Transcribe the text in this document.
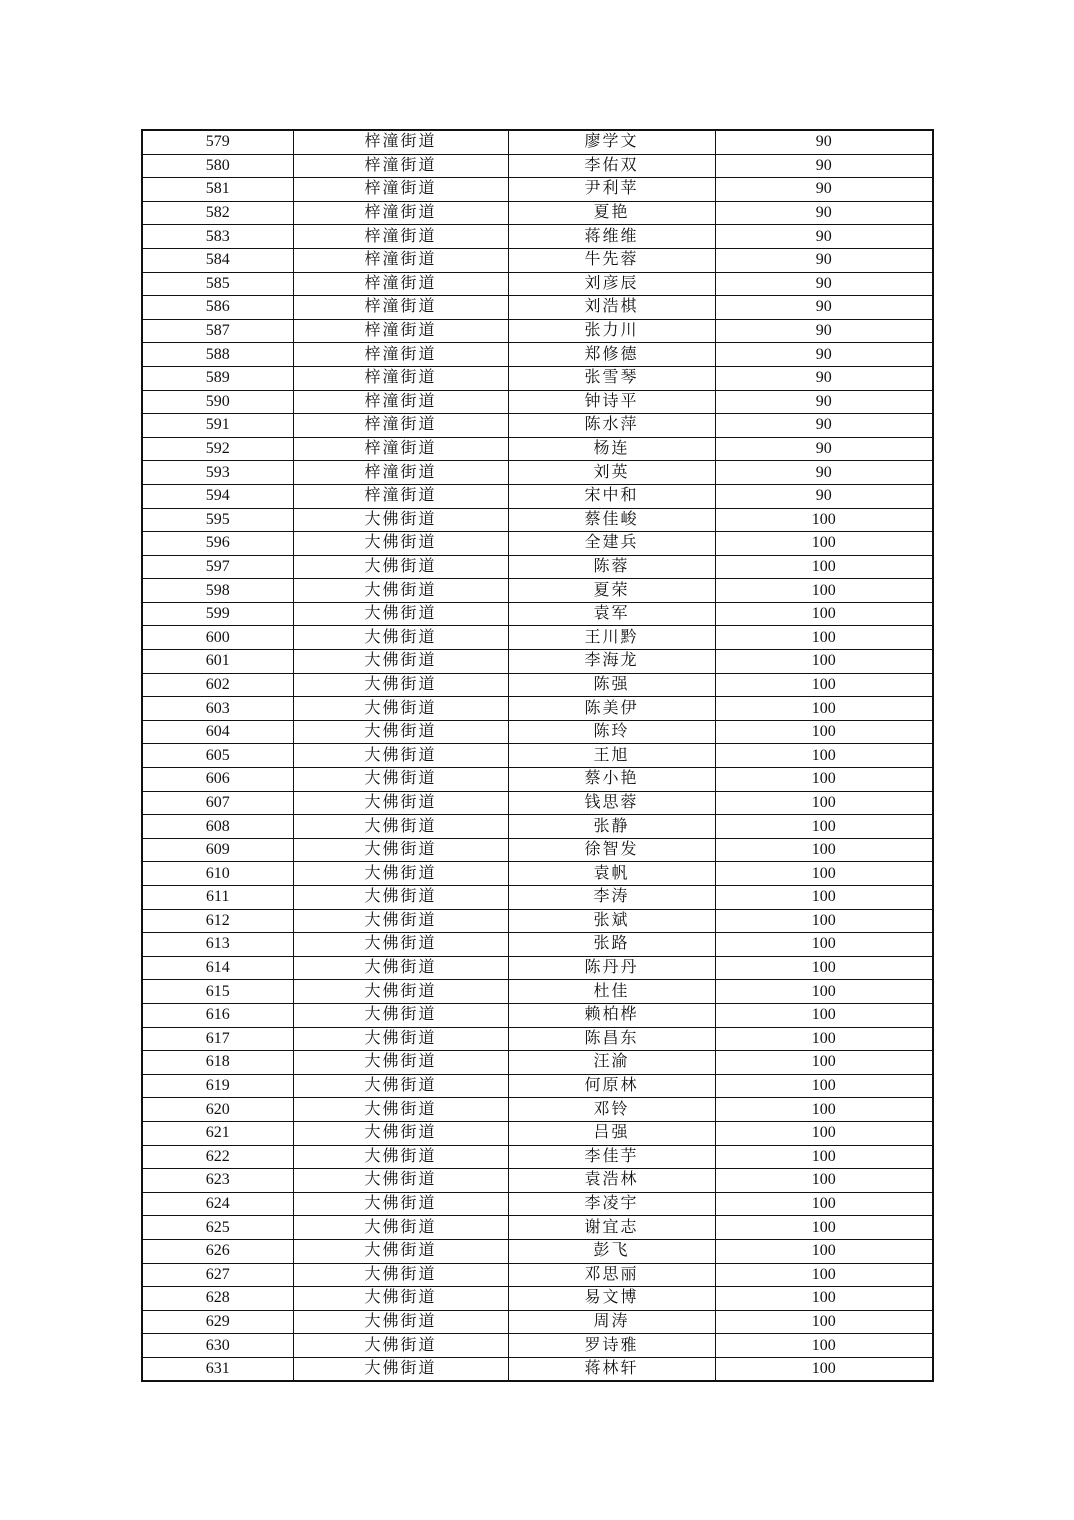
579	梓潼街道	廖学文	90
580	梓潼街道	李佑双	90
581	梓潼街道	尹利苹	90
582	梓潼街道	夏艳	90
583	梓潼街道	蒋维维	90
584	梓潼街道	牛先蓉	90
585	梓潼街道	刘彦辰	90
586	梓潼街道	刘浩棋	90
587	梓潼街道	张力川	90
588	梓潼街道	郑修德	90
589	梓潼街道	张雪琴	90
590	梓潼街道	钟诗平	90
591	梓潼街道	陈水萍	90
592	梓潼街道	杨连	90
593	梓潼街道	刘英	90
594	梓潼街道	宋中和	90
595	大佛街道	蔡佳峻	100
596	大佛街道	全建兵	100
597	大佛街道	陈蓉	100
598	大佛街道	夏荣	100
599	大佛街道	袁军	100
600	大佛街道	王川黔	100
601	大佛街道	李海龙	100
602	大佛街道	陈强	100
603	大佛街道	陈美伊	100
604	大佛街道	陈玲	100
605	大佛街道	王旭	100
606	大佛街道	蔡小艳	100
607	大佛街道	钱思蓉	100
608	大佛街道	张静	100
609	大佛街道	徐智发	100
610	大佛街道	袁帆	100
611	大佛街道	李涛	100
612	大佛街道	张斌	100
613	大佛街道	张路	100
614	大佛街道	陈丹丹	100
615	大佛街道	杜佳	100
616	大佛街道	赖柏桦	100
617	大佛街道	陈昌东	100
618	大佛街道	汪渝	100
619	大佛街道	何原林	100
620	大佛街道	邓铃	100
621	大佛街道	吕强	100
622	大佛街道	李佳芋	100
623	大佛街道	袁浩林	100
624	大佛街道	李凌宇	100
625	大佛街道	谢宜志	100
626	大佛街道	彭飞	100
627	大佛街道	邓思丽	100
628	大佛街道	易文博	100
629	大佛街道	周涛	100
630	大佛街道	罗诗雅	100
631	大佛街道	蒋林轩	100
